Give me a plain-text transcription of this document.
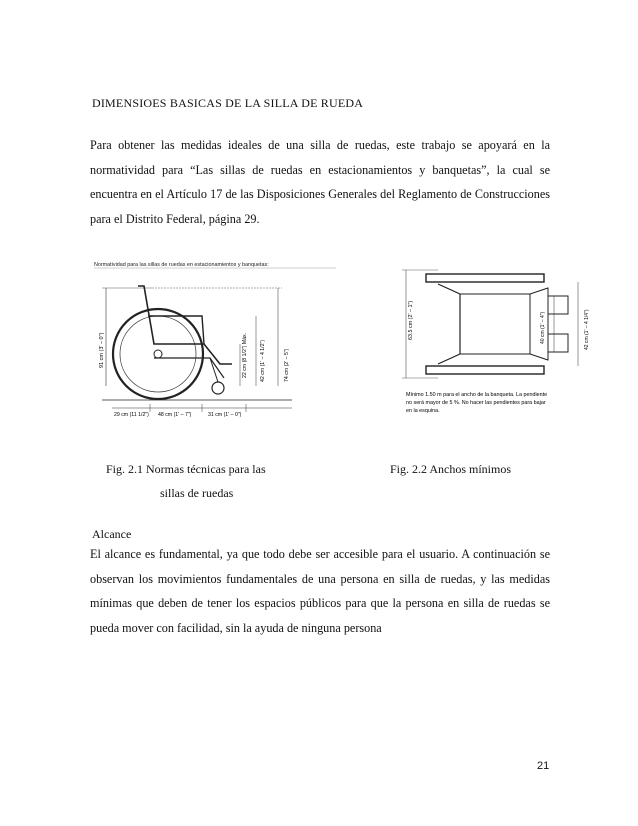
DIMENSIOES BASICAS DE LA SILLA DE RUEDA
Para obtener las medidas ideales de una silla de ruedas, este trabajo se apoyará en la normatividad para “Las sillas de ruedas en estacionamientos y banquetas”, la cual se encuentra en el Artículo 17 de las Disposiciones Generales del Reglamento de Construcciones para el Distrito Federal, página 29.
Normatividad para las sillas de ruedas en estacionamientos y banquetas:
91 cm (3' – 0")	22 cm (8 1/2") Máx. 42 cm (1' – 4 1/2")	74 cm (2' – 5")
29 cm (11 1/2") 48 cm (1' – 7")	31 cm (1' – 0")
63.5 cm (2' – 1")	40 cm (1' – 4")	42 cm (1' – 4 1/4")
Mínimo 1.50 m para el ancho de la banqueta. La pendiente
no será mayor de 5 %. No hacer las pendientes para bajar
en la esquina.
Fig. 2.1 Normas técnicas para las
sillas de ruedas
Fig. 2.2 Anchos mínimos
Alcance
El alcance es fundamental, ya que todo debe ser accesible para el usuario. A continuación se observan los movimientos fundamentales de una persona en silla de ruedas, y las medidas mínimas que deben de tener los espacios públicos para que la persona en silla de ruedas se pueda mover con facilidad, sin la ayuda de ninguna persona
21
